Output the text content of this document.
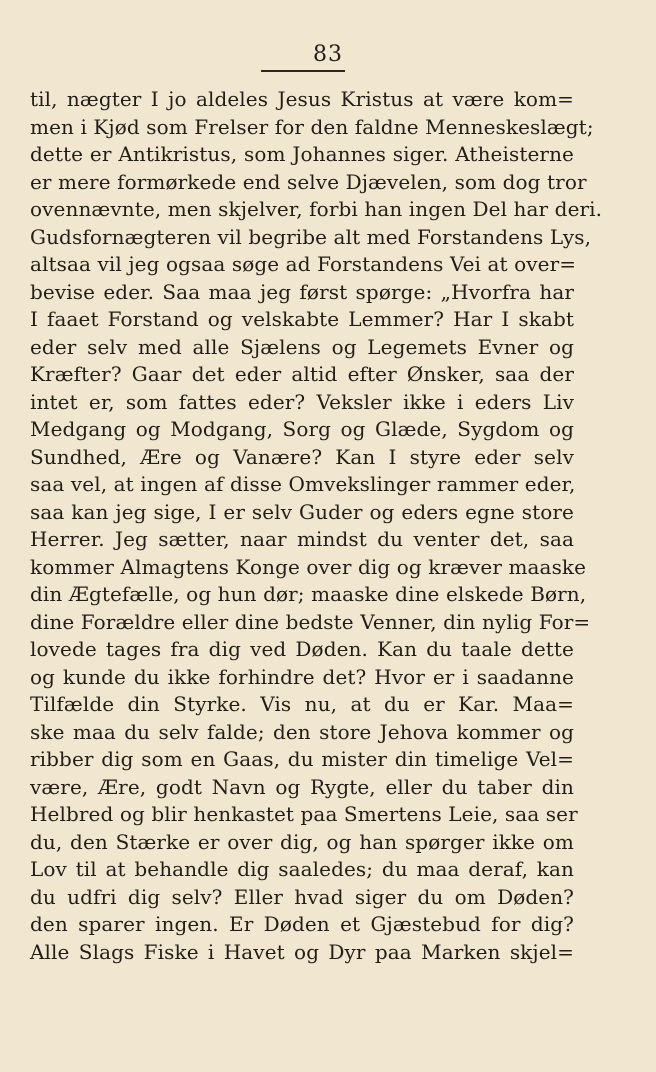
83
til, nægter I jo aldeles Jesus Kristus at være kom=
men i Kjød som Frelser for den faldne Menneskeslægt;
dette er Antikristus, som Johannes siger. Atheisterne
er mere formørkede end selve Djævelen, som dog tror
ovennævnte, men skjelver, forbi han ingen Del har deri.
Gudsfornægteren vil begribe alt med Forstandens Lys,
altsaa vil jeg ogsaa søge ad Forstandens Vei at over=
bevise eder. Saa maa jeg først spørge: „Hvorfra har
I faaet Forstand og velskabte Lemmer? Har I skabt
eder selv med alle Sjælens og Legemets Evner og
Kræfter? Gaar det eder altid efter Ønsker, saa der
intet er, som fattes eder? Veksler ikke i eders Liv
Medgang og Modgang, Sorg og Glæde, Sygdom og
Sundhed, Ære og Vanære? Kan I styre eder selv
saa vel, at ingen af disse Omvekslinger rammer eder,
saa kan jeg sige, I er selv Guder og eders egne store
Herrer. Jeg sætter, naar mindst du venter det, saa
kommer Almagtens Konge over dig og kræver maaske
din Ægtefælle, og hun dør; maaske dine elskede Børn,
dine Forældre eller dine bedste Venner, din nylig For=
lovede tages fra dig ved Døden. Kan du taale dette
og kunde du ikke forhindre det? Hvor er i saadanne
Tilfælde din Styrke. Vis nu, at du er Kar. Maa=
ske maa du selv falde; den store Jehova kommer og
ribber dig som en Gaas, du mister din timelige Vel=
være, Ære, godt Navn og Rygte, eller du taber din
Helbred og blir henkastet paa Smertens Leie, saa ser
du, den Stærke er over dig, og han spørger ikke om
Lov til at behandle dig saaledes; du maa deraf, kan
du udfri dig selv? Eller hvad siger du om Døden?
den sparer ingen. Er Døden et Gjæstebud for dig?
Alle Slags Fiske i Havet og Dyr paa Marken skjel=
